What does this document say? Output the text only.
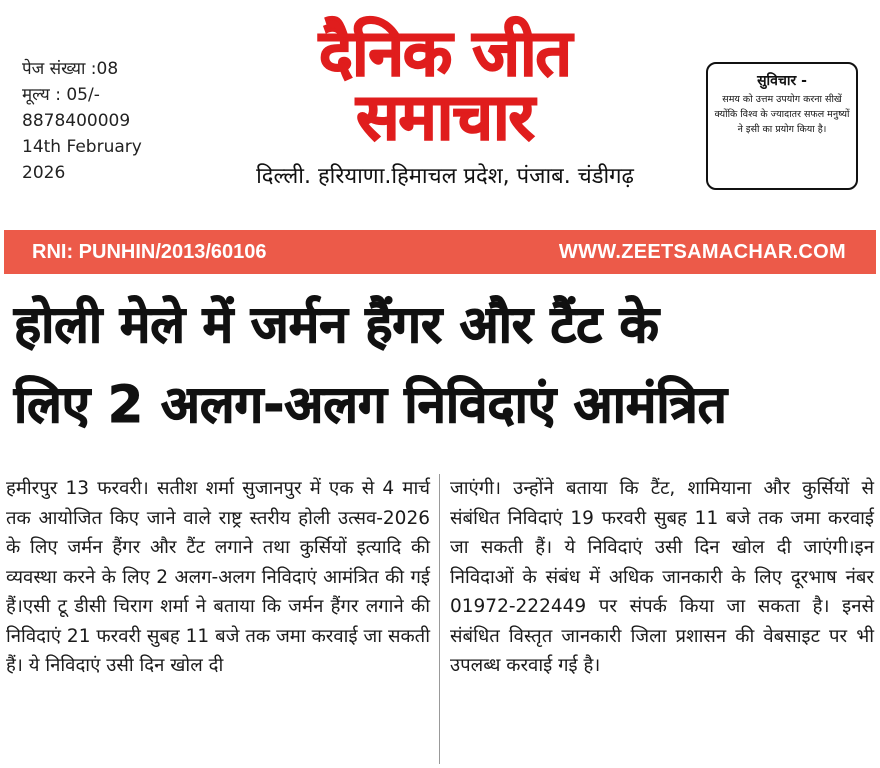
पेज संख्या :08
मूल्य : 05/-
8878400009
14th February
2026
दैनिक जीत
समाचार
दिल्ली. हरियाणा.हिमाचल प्रदेश, पंजाब. चंडीगढ़
सुविचार -
समय को उत्तम उपयोग करना सीखें क्योंकि विश्व के ज्यादातर सफल मनुष्यों ने इसी का प्रयोग किया है।
RNI: PUNHIN/2013/60106	WWW.ZEETSAMACHAR.COM
होली मेले में जर्मन हैंगर और टैंट के
लिए 2 अलग-अलग निविदाएं आमंत्रित
हमीरपुर 13 फरवरी। सतीश शर्मा सुजानपुर में एक से 4 मार्च तक आयोजित किए जाने वाले राष्ट्र स्तरीय होली उत्सव-2026 के लिए जर्मन हैंगर और टैंट लगाने तथा कुर्सियों इत्यादि की व्यवस्था करने के लिए 2 अलग-अलग निविदाएं आमंत्रित की गई हैं।एसी टू डीसी चिराग शर्मा ने बताया कि जर्मन हैंगर लगाने की निविदाएं 21 फरवरी सुबह 11 बजे तक जमा करवाई जा सकती हैं। ये निविदाएं उसी दिन खोल दी
जाएंगी। उन्होंने बताया कि टैंट, शामियाना और कुर्सियों से संबंधित निविदाएं 19 फरवरी सुबह 11 बजे तक जमा करवाई जा सकती हैं। ये निविदाएं उसी दिन खोल दी जाएंगी।इन निविदाओं के संबंध में अधिक जानकारी के लिए दूरभाष नंबर 01972-222449 पर संपर्क किया जा सकता है। इनसे संबंधित विस्तृत जानकारी जिला प्रशासन की वेबसाइट पर भी उपलब्ध करवाई गई है।
